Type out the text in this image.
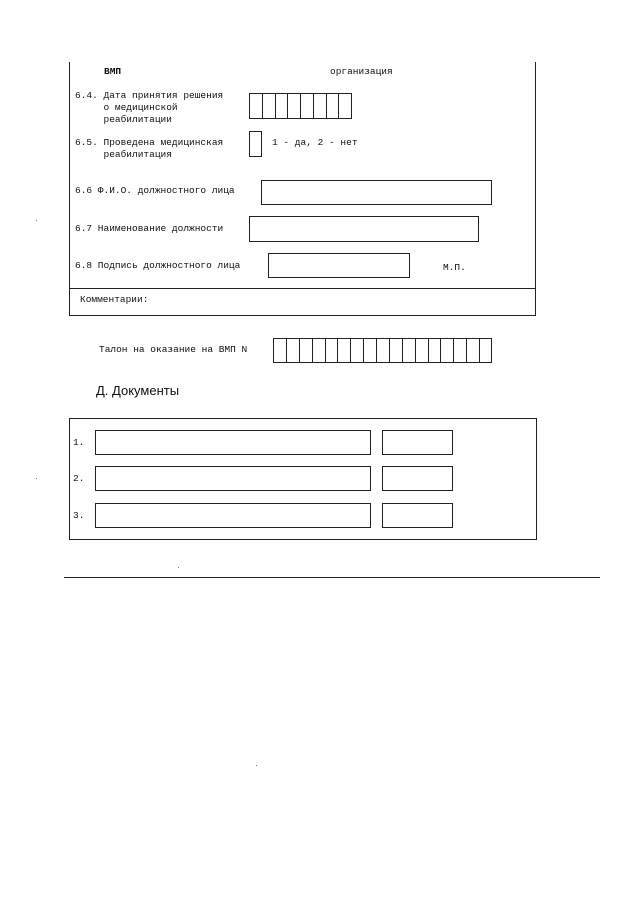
ВМП	организация
6.4. Дата принятия решения
о медицинской
реабилитации
6.5. Проведена медицинская
реабилитация
1 - да, 2 - нет
6.6 Ф.И.О. должностного лица
6.7 Наименование должности
6.8 Подпись должностного лица	М.П.
Комментарии:
Талон на оказание на ВМП N
Д. Документы
1.
2.
3.
